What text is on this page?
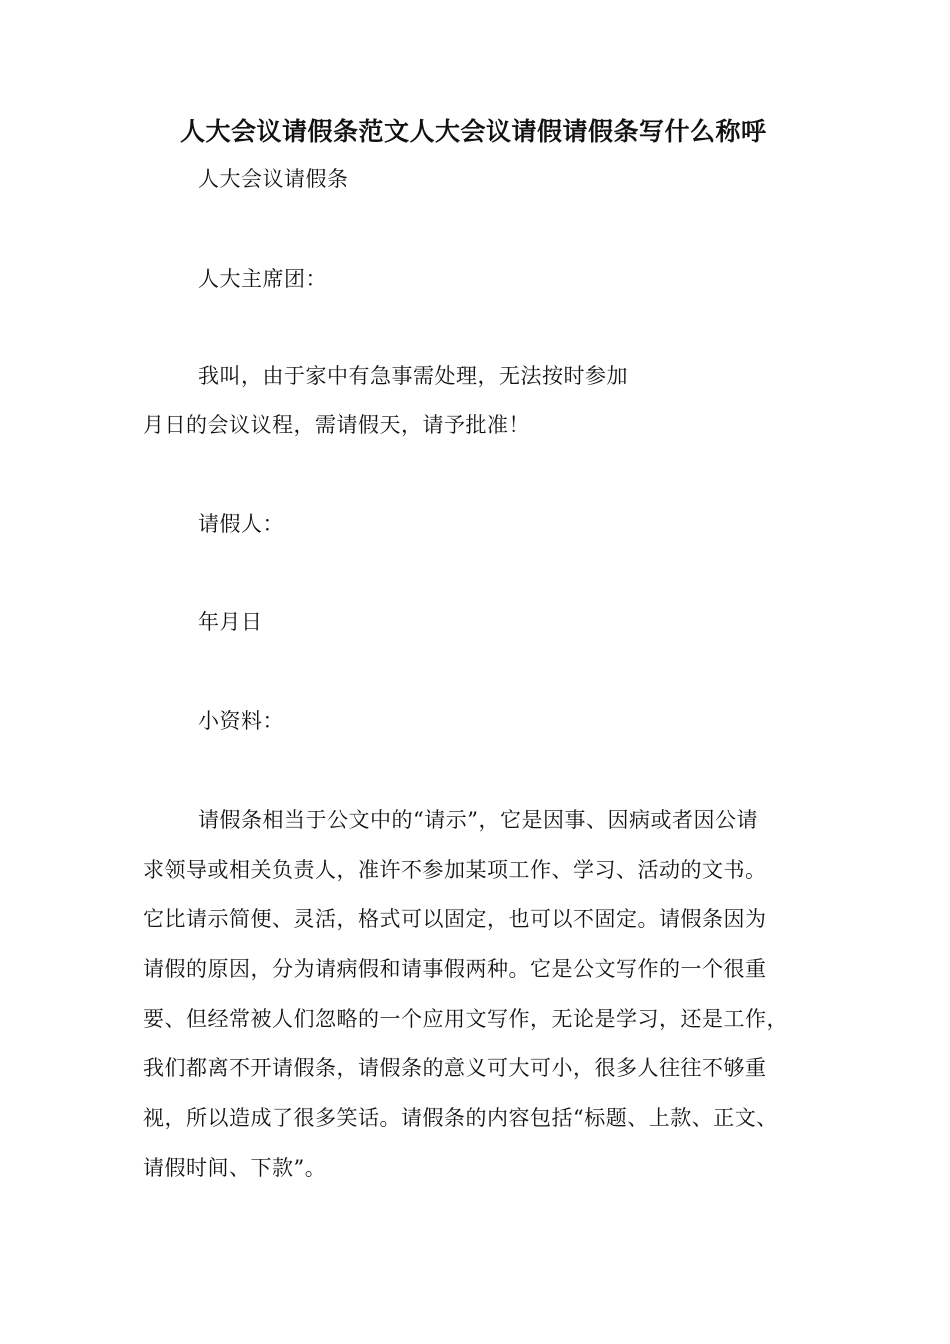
人大会议请假条范文人大会议请假请假条写什么称呼

人大会议请假条

人大主席团：

我叫，由于家中有急事需处理，无法按时参加

月日的会议议程，需请假天，请予批准！

请假人：

年月日

小资料：

请假条相当于公文中的“请示”，它是因事、因病或者因公请

求领导或相关负责人，准许不参加某项工作、学习、活动的文书。

它比请示简便、灵活，格式可以固定，也可以不固定。请假条因为

请假的原因，分为请病假和请事假两种。它是公文写作的一个很重

要、但经常被人们忽略的一个应用文写作，无论是学习，还是工作，

我们都离不开请假条，请假条的意义可大可小，很多人往往不够重

视，所以造成了很多笑话。请假条的内容包括“标题、上款、正文、

请假时间、下款”。
